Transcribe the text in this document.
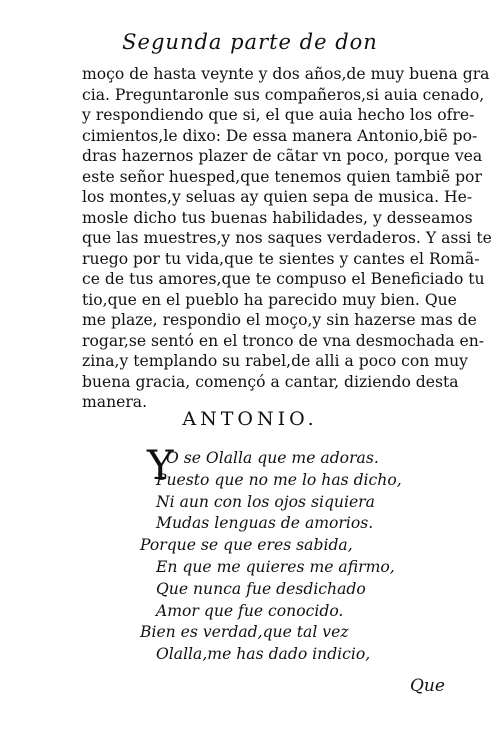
Segunda parte de don
moço de hasta veynte y dos años,de muy buena gra
cia. Preguntaronle sus compañeros,si auia cenado,
y respondiendo que si, el que auia hecho los ofre-
cimientos,le dixo: De essa manera Antonio,biẽ po-
dras hazernos plazer de cãtar vn poco, porque vea
este señor huesped,que tenemos quien tambiẽ por
los montes,y seluas ay quien sepa de musica. He-
mosle dicho tus buenas habilidades, y desseamos
que las muestres,y nos saques verdaderos. Y assi te
ruego por tu vida,que te sientes y cantes el Romã-
ce de tus amores,que te compuso el Beneficiado tu
tio,que en el pueblo ha parecido muy bien. Que
me plaze, respondio el moço,y sin hazerse mas de
rogar,se sentó en el tronco de vna desmochada en-
zina,y templando su rabel,de alli a poco con muy
buena gracia, començó a cantar, diziendo desta
manera.
ANTONIO.
Y
O se Olalla que me adoras.
Puesto que no me lo has dicho,
Ni aun con los ojos siquiera
Mudas lenguas de amorios.
Porque se que eres sabida,
En que me quieres me afirmo,
Que nunca fue desdichado
Amor que fue conocido.
Bien es verdad,que tal vez
Olalla,me has dado indicio,
Que
